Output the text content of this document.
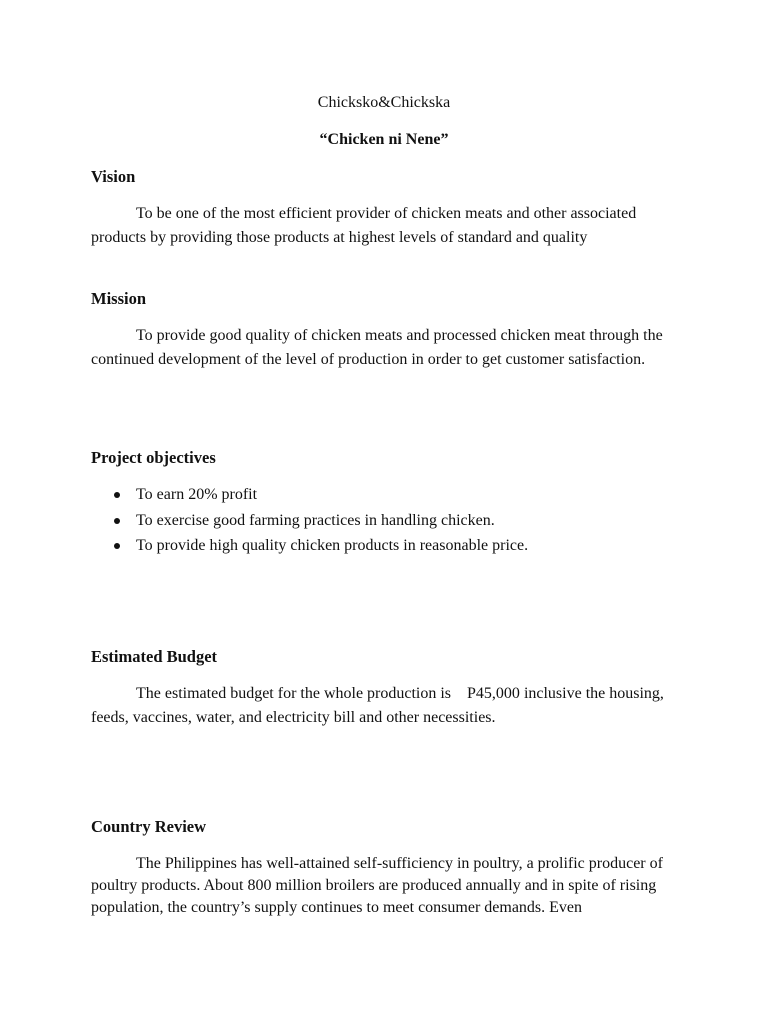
Chicksko&Chickska
“Chicken ni Nene”
Vision

To be one of the most efficient provider of chicken meats and other associated products by providing those products at highest levels of standard and quality

Mission

To provide good quality of chicken meats and processed chicken meat through the continued development of the level of production in order to get customer satisfaction.

Project objectives
To earn 20% profit
To exercise good farming practices in handling chicken.
To provide high quality chicken products in reasonable price.
Estimated Budget

The estimated budget for the whole production is P45,000 inclusive the housing, feeds, vaccines, water, and electricity bill and other necessities.

Country Review

The Philippines has well-attained self-sufficiency in poultry, a prolific producer of poultry products. About 800 million broilers are produced annually and in spite of rising population, the country’s supply continues to meet consumer demands. Even
